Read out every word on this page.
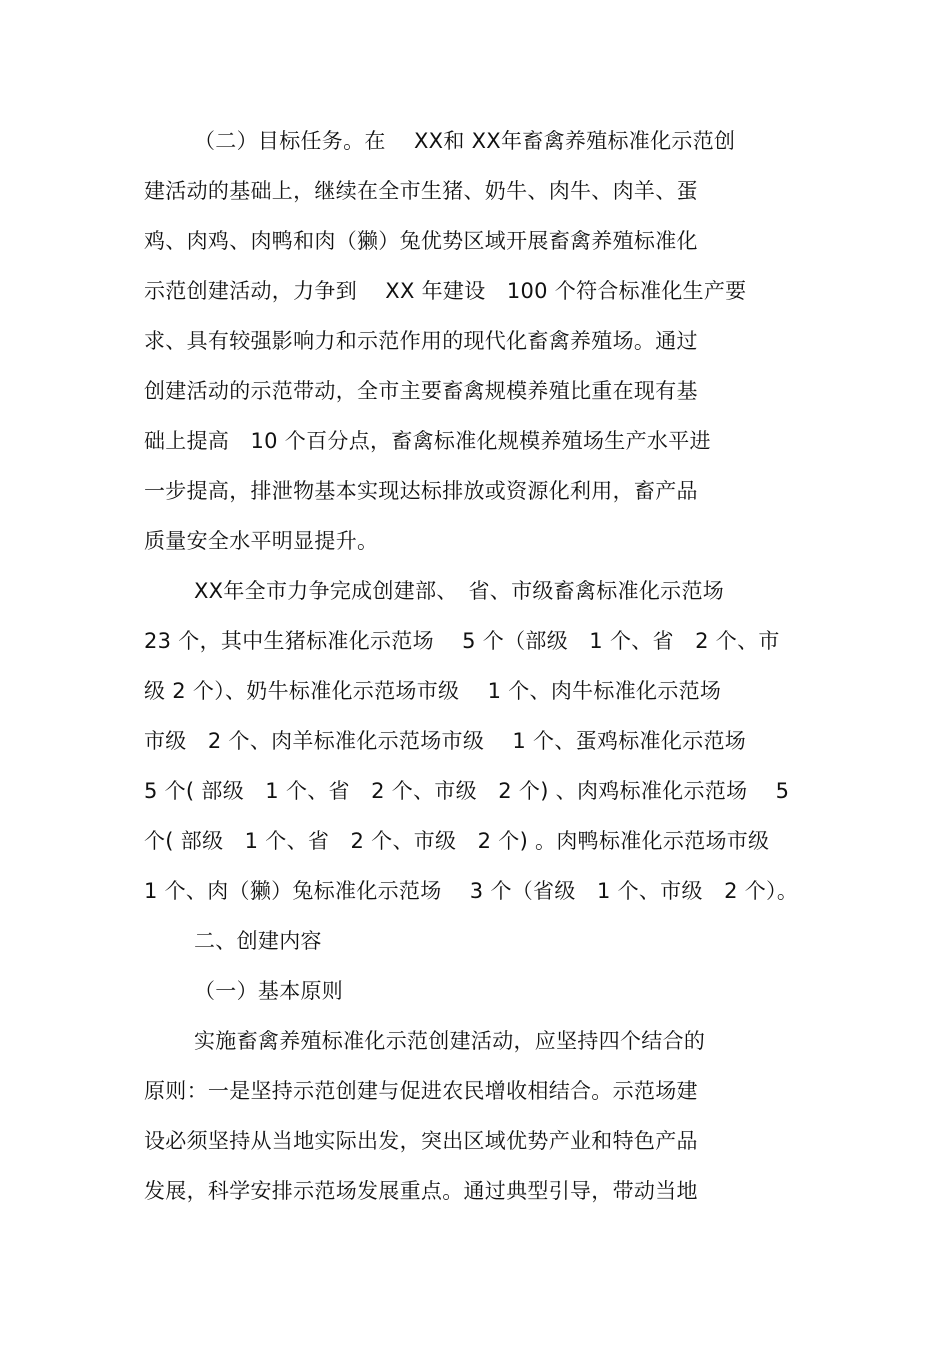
（二）目标任务。在　 XX和 XX年畜禽养殖标准化示范创
建活动的基础上，继续在全市生猪、奶牛、肉牛、肉羊、蛋
鸡、肉鸡、肉鸭和肉（獭）兔优势区域开展畜禽养殖标准化
示范创建活动，力争到　 XX 年建设　100 个符合标准化生产要
求、具有较强影响力和示范作用的现代化畜禽养殖场。通过
创建活动的示范带动，全市主要畜禽规模养殖比重在现有基
础上提高　10 个百分点，畜禽标准化规模养殖场生产水平进
一步提高，排泄物基本实现达标排放或资源化利用，畜产品
质量安全水平明显提升。
XX年全市力争完成创建部、　省、市级畜禽标准化示范场
23 个，其中生猪标准化示范场　 5 个（部级　1 个、省　2 个、市
级 2 个）、奶牛标准化示范场市级　 1 个、肉牛标准化示范场
市级　2 个、肉羊标准化示范场市级　 1 个、蛋鸡标准化示范场
5 个( 部级　1 个、省　2 个、市级　2 个) 、肉鸡标准化示范场　 5
个( 部级　1 个、省　2 个、市级　2 个) 。肉鸭标准化示范场市级
1 个、肉（獭）兔标准化示范场　 3 个（省级　1 个、市级　2 个）。
二、创建内容
（一）基本原则
实施畜禽养殖标准化示范创建活动，应坚持四个结合的
原则：一是坚持示范创建与促进农民增收相结合。示范场建
设必须坚持从当地实际出发，突出区域优势产业和特色产品
发展，科学安排示范场发展重点。通过典型引导，带动当地
